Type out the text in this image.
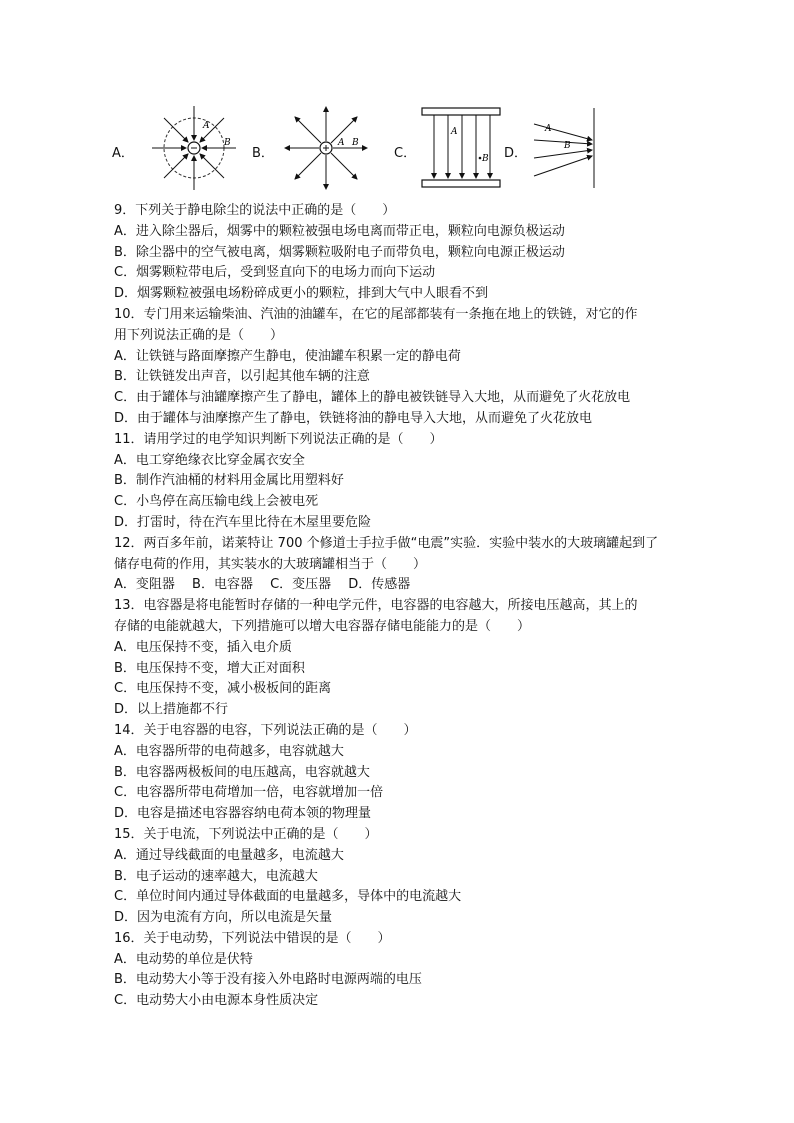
A．
A
B
B．
A B
C．
A
B D．
A
B
9．下列关于静电除尘的说法中正确的是（　　）
A．进入除尘器后，烟雾中的颗粒被强电场电离而带正电，颗粒向电源负极运动
B．除尘器中的空气被电离，烟雾颗粒吸附电子而带负电，颗粒向电源正极运动
C．烟雾颗粒带电后，受到竖直向下的电场力而向下运动
D．烟雾颗粒被强电场粉碎成更小的颗粒，排到大气中人眼看不到
10．专门用来运输柴油、汽油的油罐车，在它的尾部都装有一条拖在地上的铁链，对它的作
用下列说法正确的是（　　）
A．让铁链与路面摩擦产生静电，使油罐车积累一定的静电荷
B．让铁链发出声音，以引起其他车辆的注意
C．由于罐体与油罐摩擦产生了静电，罐体上的静电被铁链导入大地，从而避免了火花放电
D．由于罐体与油摩擦产生了静电，铁链将油的静电导入大地，从而避免了火花放电
11．请用学过的电学知识判断下列说法正确的是（　　）
A．电工穿绝缘衣比穿金属衣安全
B．制作汽油桶的材料用金属比用塑料好
C．小鸟停在高压输电线上会被电死
D．打雷时，待在汽车里比待在木屋里要危险
12．两百多年前，诺莱特让 700 个修道士手拉手做“电震”实验．实验中装水的大玻璃罐起到了
储存电荷的作用，其实装水的大玻璃罐相当于（　　）
A．变阻器　 B．电容器　 C．变压器　 D．传感器
13．电容器是将电能暂时存储的一种电学元件，电容器的电容越大，所接电压越高，其上的
存储的电能就越大，下列措施可以增大电容器存储电能能力的是（　　）
A．电压保持不变，插入电介质
B．电压保持不变，增大正对面积
C．电压保持不变，减小极板间的距离
D．以上措施都不行
14．关于电容器的电容，下列说法正确的是（　　）
A．电容器所带的电荷越多，电容就越大
B．电容器两极板间的电压越高，电容就越大
C．电容器所带电荷增加一倍，电容就增加一倍
D．电容是描述电容器容纳电荷本领的物理量
15．关于电流，下列说法中正确的是（　　）
A．通过导线截面的电量越多，电流越大
B．电子运动的速率越大，电流越大
C．单位时间内通过导体截面的电量越多，导体中的电流越大
D．因为电流有方向，所以电流是矢量
16．关于电动势，下列说法中错误的是（　　）
A．电动势的单位是伏特
B．电动势大小等于没有接入外电路时电源两端的电压
C．电动势大小由电源本身性质决定
